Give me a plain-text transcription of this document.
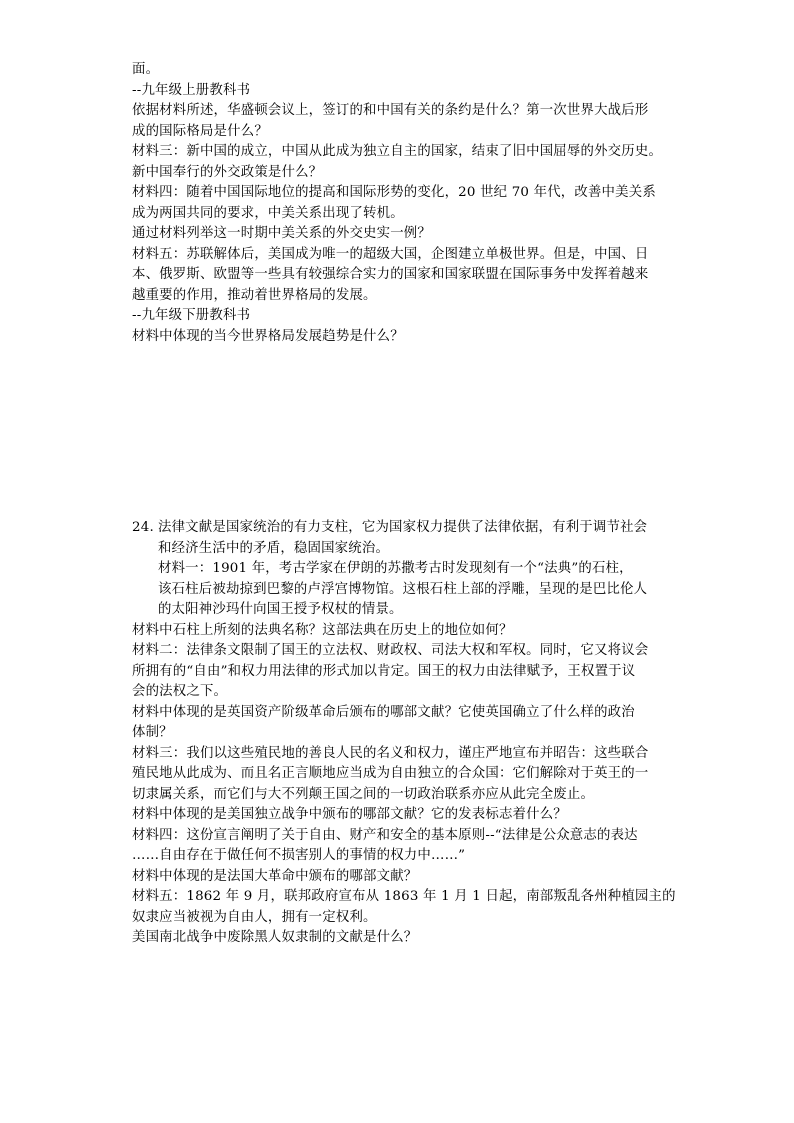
面。
--九年级上册教科书
依据材料所述，华盛顿会议上，签订的和中国有关的条约是什么？第一次世界大战后形
成的国际格局是什么？
材料三：新中国的成立，中国从此成为独立自主的国家，结束了旧中国屈辱的外交历史。
新中国奉行的外交政策是什么？
材料四：随着中国国际地位的提高和国际形势的变化，20 世纪 70 年代，改善中美关系
成为两国共同的要求，中美关系出现了转机。
通过材料列举这一时期中美关系的外交史实一例？
材料五：苏联解体后，美国成为唯一的超级大国，企图建立单极世界。但是，中国、日
本、俄罗斯、欧盟等一些具有较强综合实力的国家和国家联盟在国际事务中发挥着越来
越重要的作用，推动着世界格局的发展。
--九年级下册教科书
材料中体现的当今世界格局发展趋势是什么？
24. 法律文献是国家统治的有力支柱，它为国家权力提供了法律依据，有利于调节社会
和经济生活中的矛盾，稳固国家统治。
材料一：1901 年，考古学家在伊朗的苏撒考古时发现刻有一个“法典”的石柱，
该石柱后被劫掠到巴黎的卢浮宫博物馆。这根石柱上部的浮雕，呈现的是巴比伦人
的太阳神沙玛什向国王授予权杖的情景。
材料中石柱上所刻的法典名称？这部法典在历史上的地位如何？
材料二：法律条文限制了国王的立法权、财政权、司法大权和军权。同时，它又将议会
所拥有的“自由”和权力用法律的形式加以肯定。国王的权力由法律赋予，王权置于议
会的法权之下。
材料中体现的是英国资产阶级革命后颁布的哪部文献？它使英国确立了什么样的政治
体制？
材料三：我们以这些殖民地的善良人民的名义和权力，谨庄严地宣布并昭告：这些联合
殖民地从此成为、而且名正言顺地应当成为自由独立的合众国：它们解除对于英王的一
切隶属关系，而它们与大不列颠王国之间的一切政治联系亦应从此完全废止。
材料中体现的是美国独立战争中颁布的哪部文献？它的发表标志着什么？
材料四：这份宣言阐明了关于自由、财产和安全的基本原则--“法律是公众意志的表达
……自由存在于做任何不损害别人的事情的权力中……”
材料中体现的是法国大革命中颁布的哪部文献？
材料五：1862 年 9 月，联邦政府宣布从 1863 年 1 月 1 日起，南部叛乱各州种植园主的
奴隶应当被视为自由人，拥有一定权利。
美国南北战争中废除黑人奴隶制的文献是什么？
